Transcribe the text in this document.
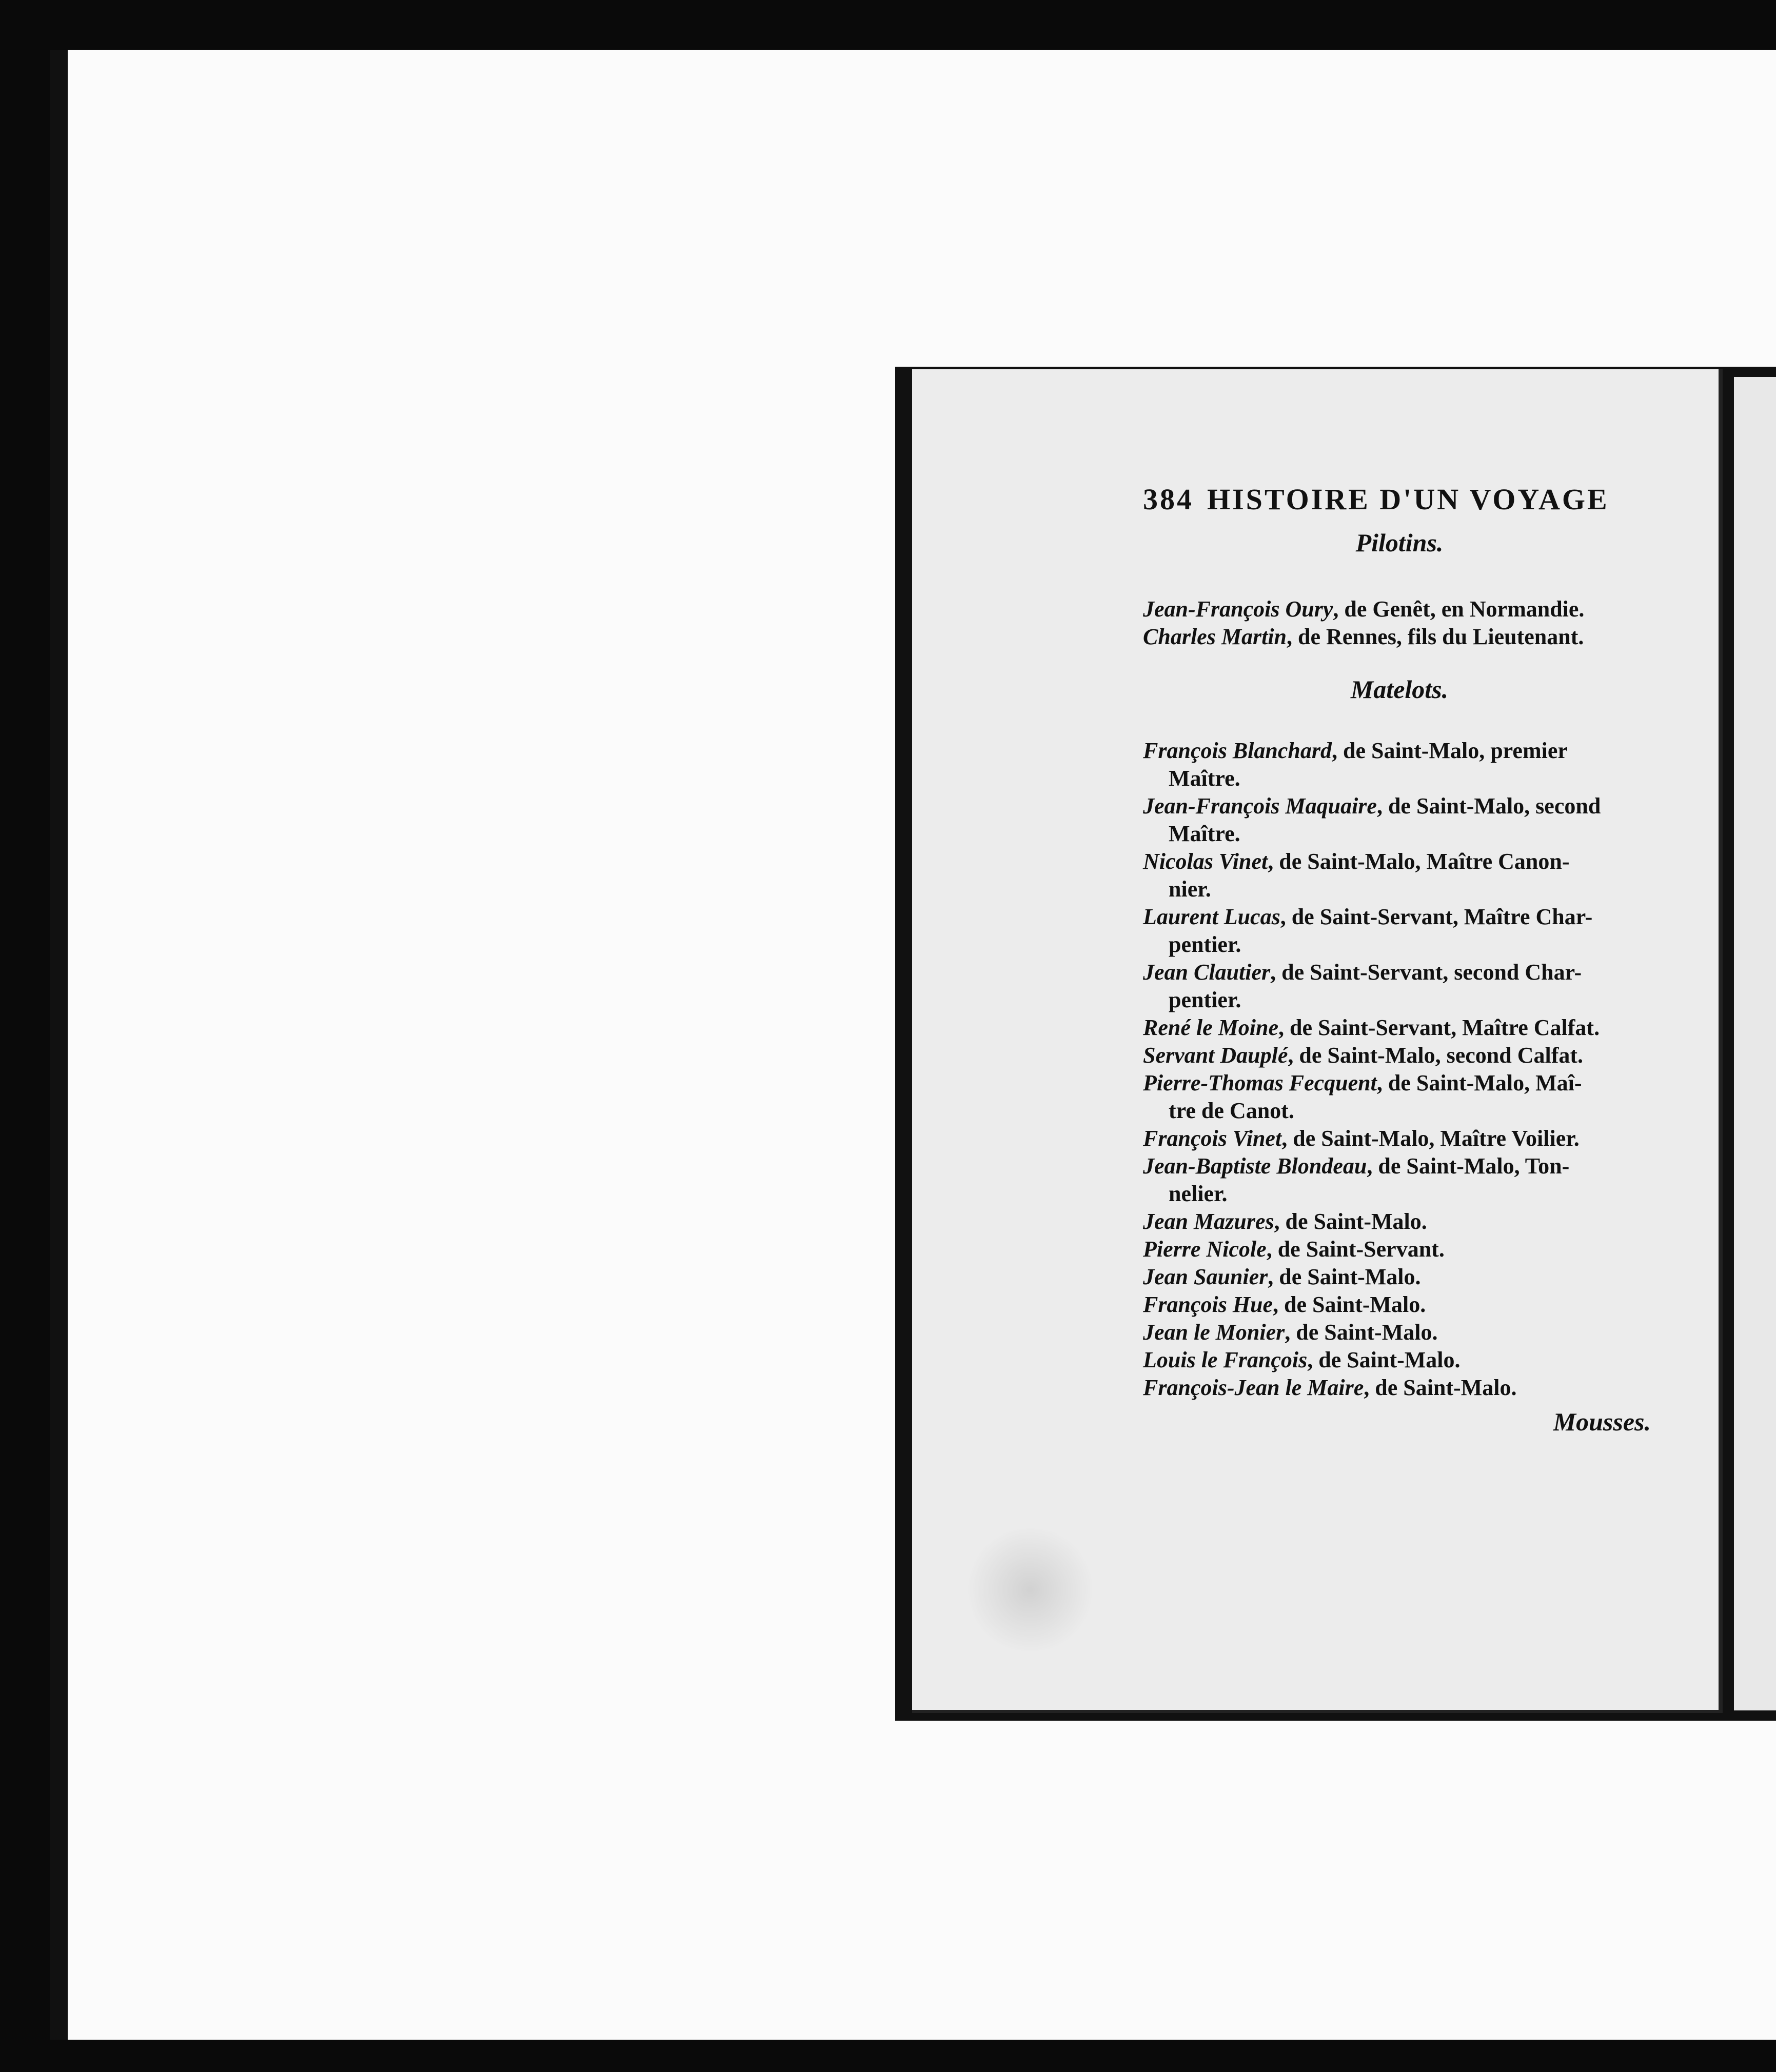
384 HISTOIRE D'UN VOYAGE
Pilotins.
Jean-François Oury, de Genêt, en Normandie.
Charles Martin, de Rennes, fils du Lieutenant.
Matelots.
François Blanchard, de Saint-Malo, premier
Maître.
Jean-François Maquaire, de Saint-Malo, second
Maître.
Nicolas Vinet, de Saint-Malo, Maître Canon-
nier.
Laurent Lucas, de Saint-Servant, Maître Char-
pentier.
Jean Clautier, de Saint-Servant, second Char-
pentier.
René le Moine, de Saint-Servant, Maître Calfat.
Servant Dauplé, de Saint-Malo, second Calfat.
Pierre-Thomas Fecquent, de Saint-Malo, Maî-
tre de Canot.
François Vinet, de Saint-Malo, Maître Voilier.
Jean-Baptiste Blondeau, de Saint-Malo, Ton-
nelier.
Jean Mazures, de Saint-Malo.
Pierre Nicole, de Saint-Servant.
Jean Saunier, de Saint-Malo.
François Hue, de Saint-Malo.
Jean le Monier, de Saint-Malo.
Louis le François, de Saint-Malo.
François-Jean le Maire, de Saint-Malo.
Mousses.
